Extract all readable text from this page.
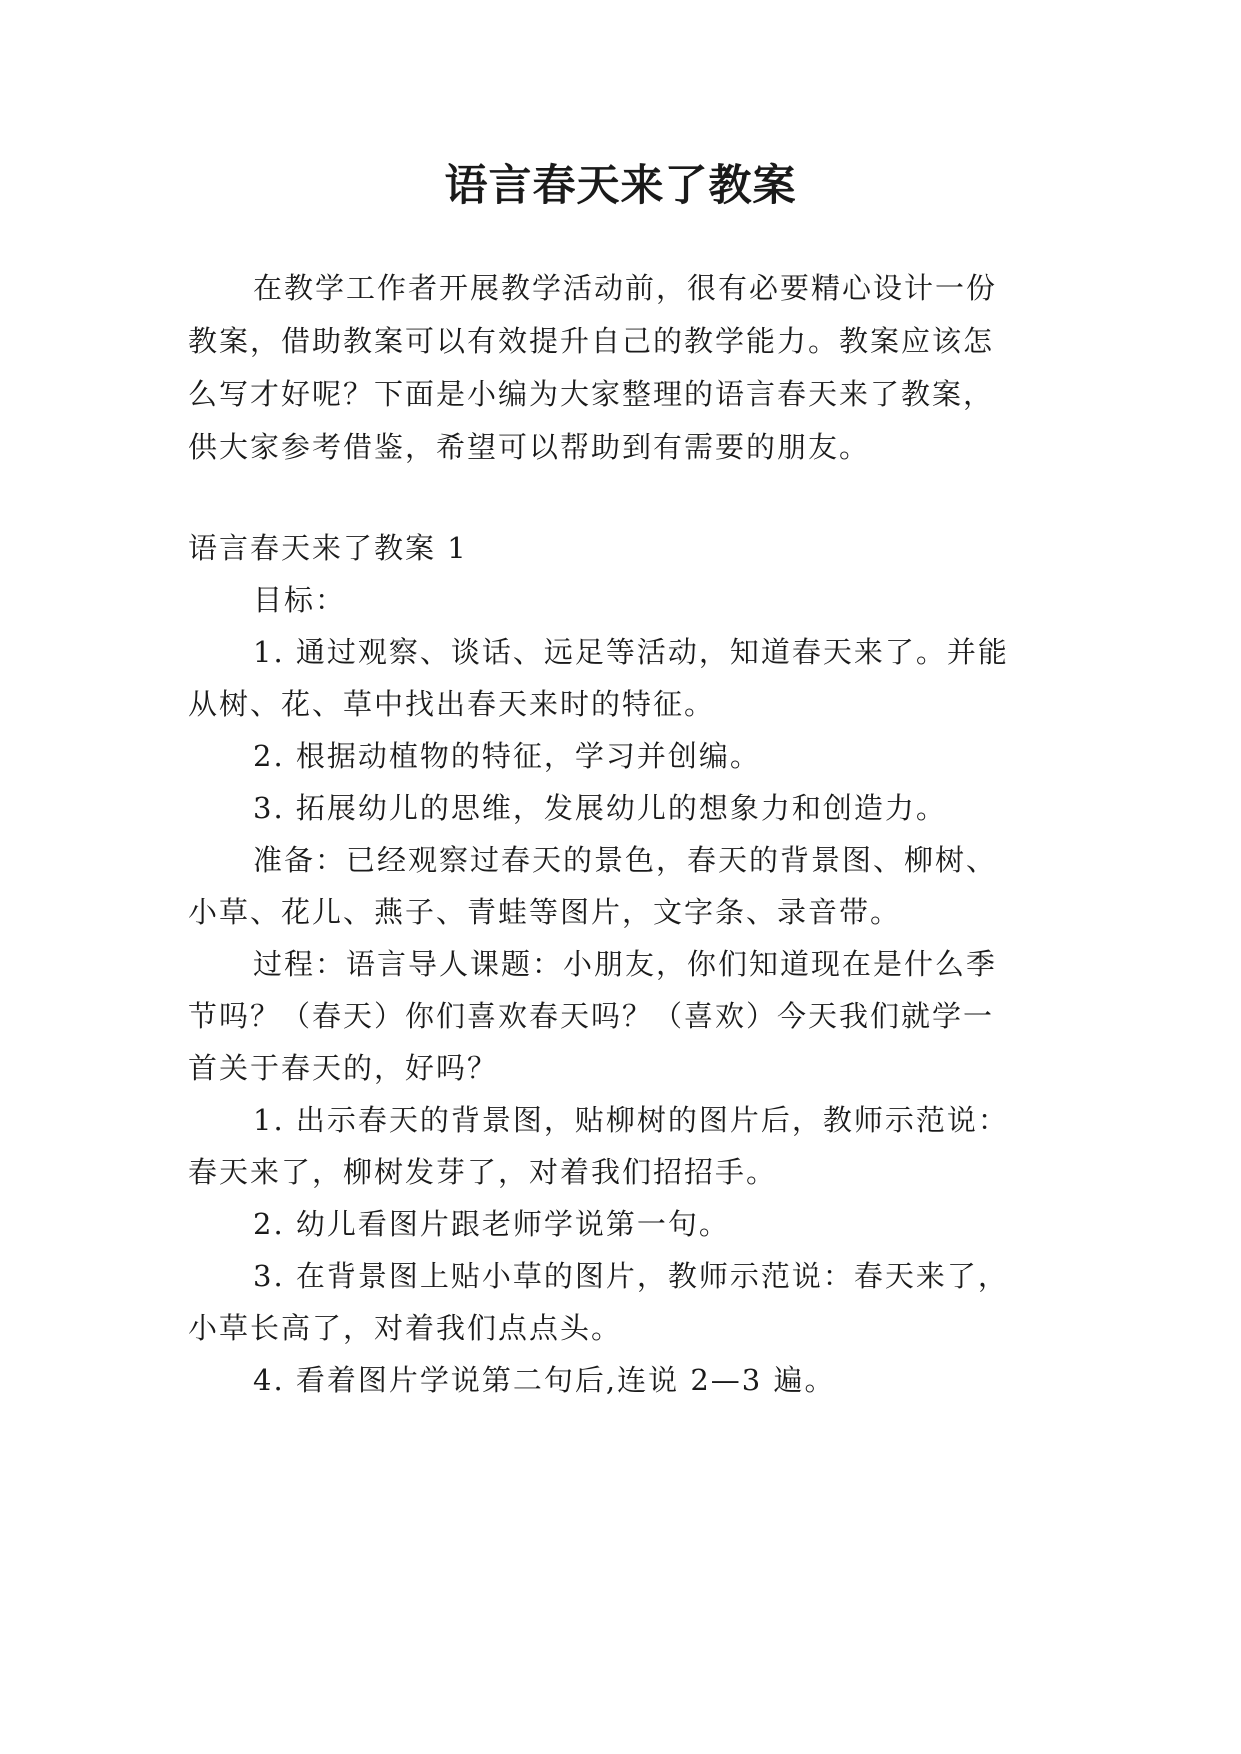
语言春天来了教案

在教学工作者开展教学活动前，很有必要精心设计一份

教案，借助教案可以有效提升自己的教学能力。教案应该怎

么写才好呢？下面是小编为大家整理的语言春天来了教案，

供大家参考借鉴，希望可以帮助到有需要的朋友。

语言春天来了教案 1

目标：

1. 通过观察、谈话、远足等活动，知道春天来了。并能

从树、花、草中找出春天来时的特征。

2. 根据动植物的特征，学习并创编。

3. 拓展幼儿的思维，发展幼儿的想象力和创造力。

准备：已经观察过春天的景色，春天的背景图、柳树、

小草、花儿、燕子、青蛙等图片，文字条、录音带。

过程：语言导人课题：小朋友，你们知道现在是什么季

节吗？（春天）你们喜欢春天吗？（喜欢）今天我们就学一

首关于春天的，好吗？

1. 出示春天的背景图，贴柳树的图片后，教师示范说：

春天来了，柳树发芽了，对着我们招招手。

2. 幼儿看图片跟老师学说第一句。

3. 在背景图上贴小草的图片，教师示范说：春天来了，

小草长高了，对着我们点点头。

4. 看着图片学说第二句后,连说 2—3 遍。
